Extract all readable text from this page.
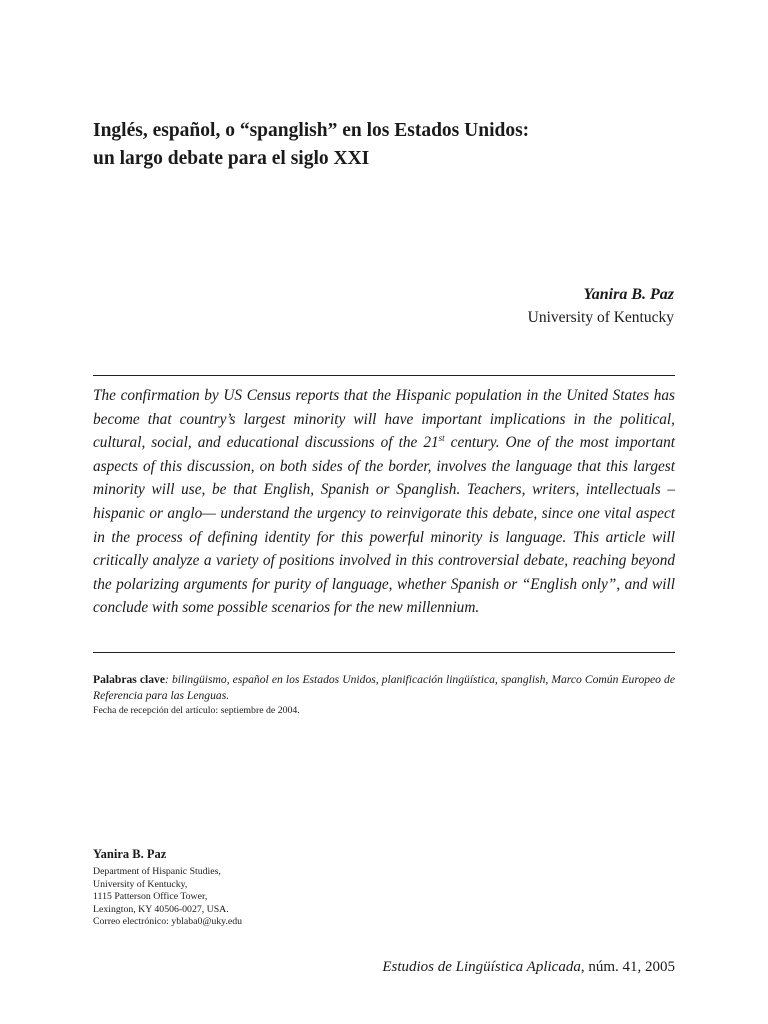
Inglés, español, o “spanglish” en los Estados Unidos:
un largo debate para el siglo XXI
Yanira B. Paz
University of Kentucky

The confirmation by US Census reports that the Hispanic population in the United States has become that country’s largest minority will have important implications in the political, cultural, social, and educational discussions of the 21st century. One of the most important aspects of this discussion, on both sides of the border, involves the language that this largest minority will use, be that English, Spanish or Spanglish. Teachers, writers, intellectuals –hispanic or anglo— understand the urgency to reinvigorate this debate, since one vital aspect in the process of defining identity for this powerful minority is language. This article will critically analyze a variety of positions involved in this controversial debate, reaching beyond the polarizing arguments for purity of language, whether Spanish or “English only”, and will conclude with some possible scenarios for the new millennium.

Palabras clave: bilingüismo, español en los Estados Unidos, planificación lingüística, spanglish, Marco Común Europeo de Referencia para las Lenguas.

Fecha de recepción del artículo: septiembre de 2004.
Yanira B. Paz
Department of Hispanic Studies,
University of Kentucky,
1115 Patterson Office Tower,
Lexington, KY 40506-0027, USA.
Correo electrónico: yblaba0@uky.edu
Estudios de Lingüística Aplicada, núm. 41, 2005
